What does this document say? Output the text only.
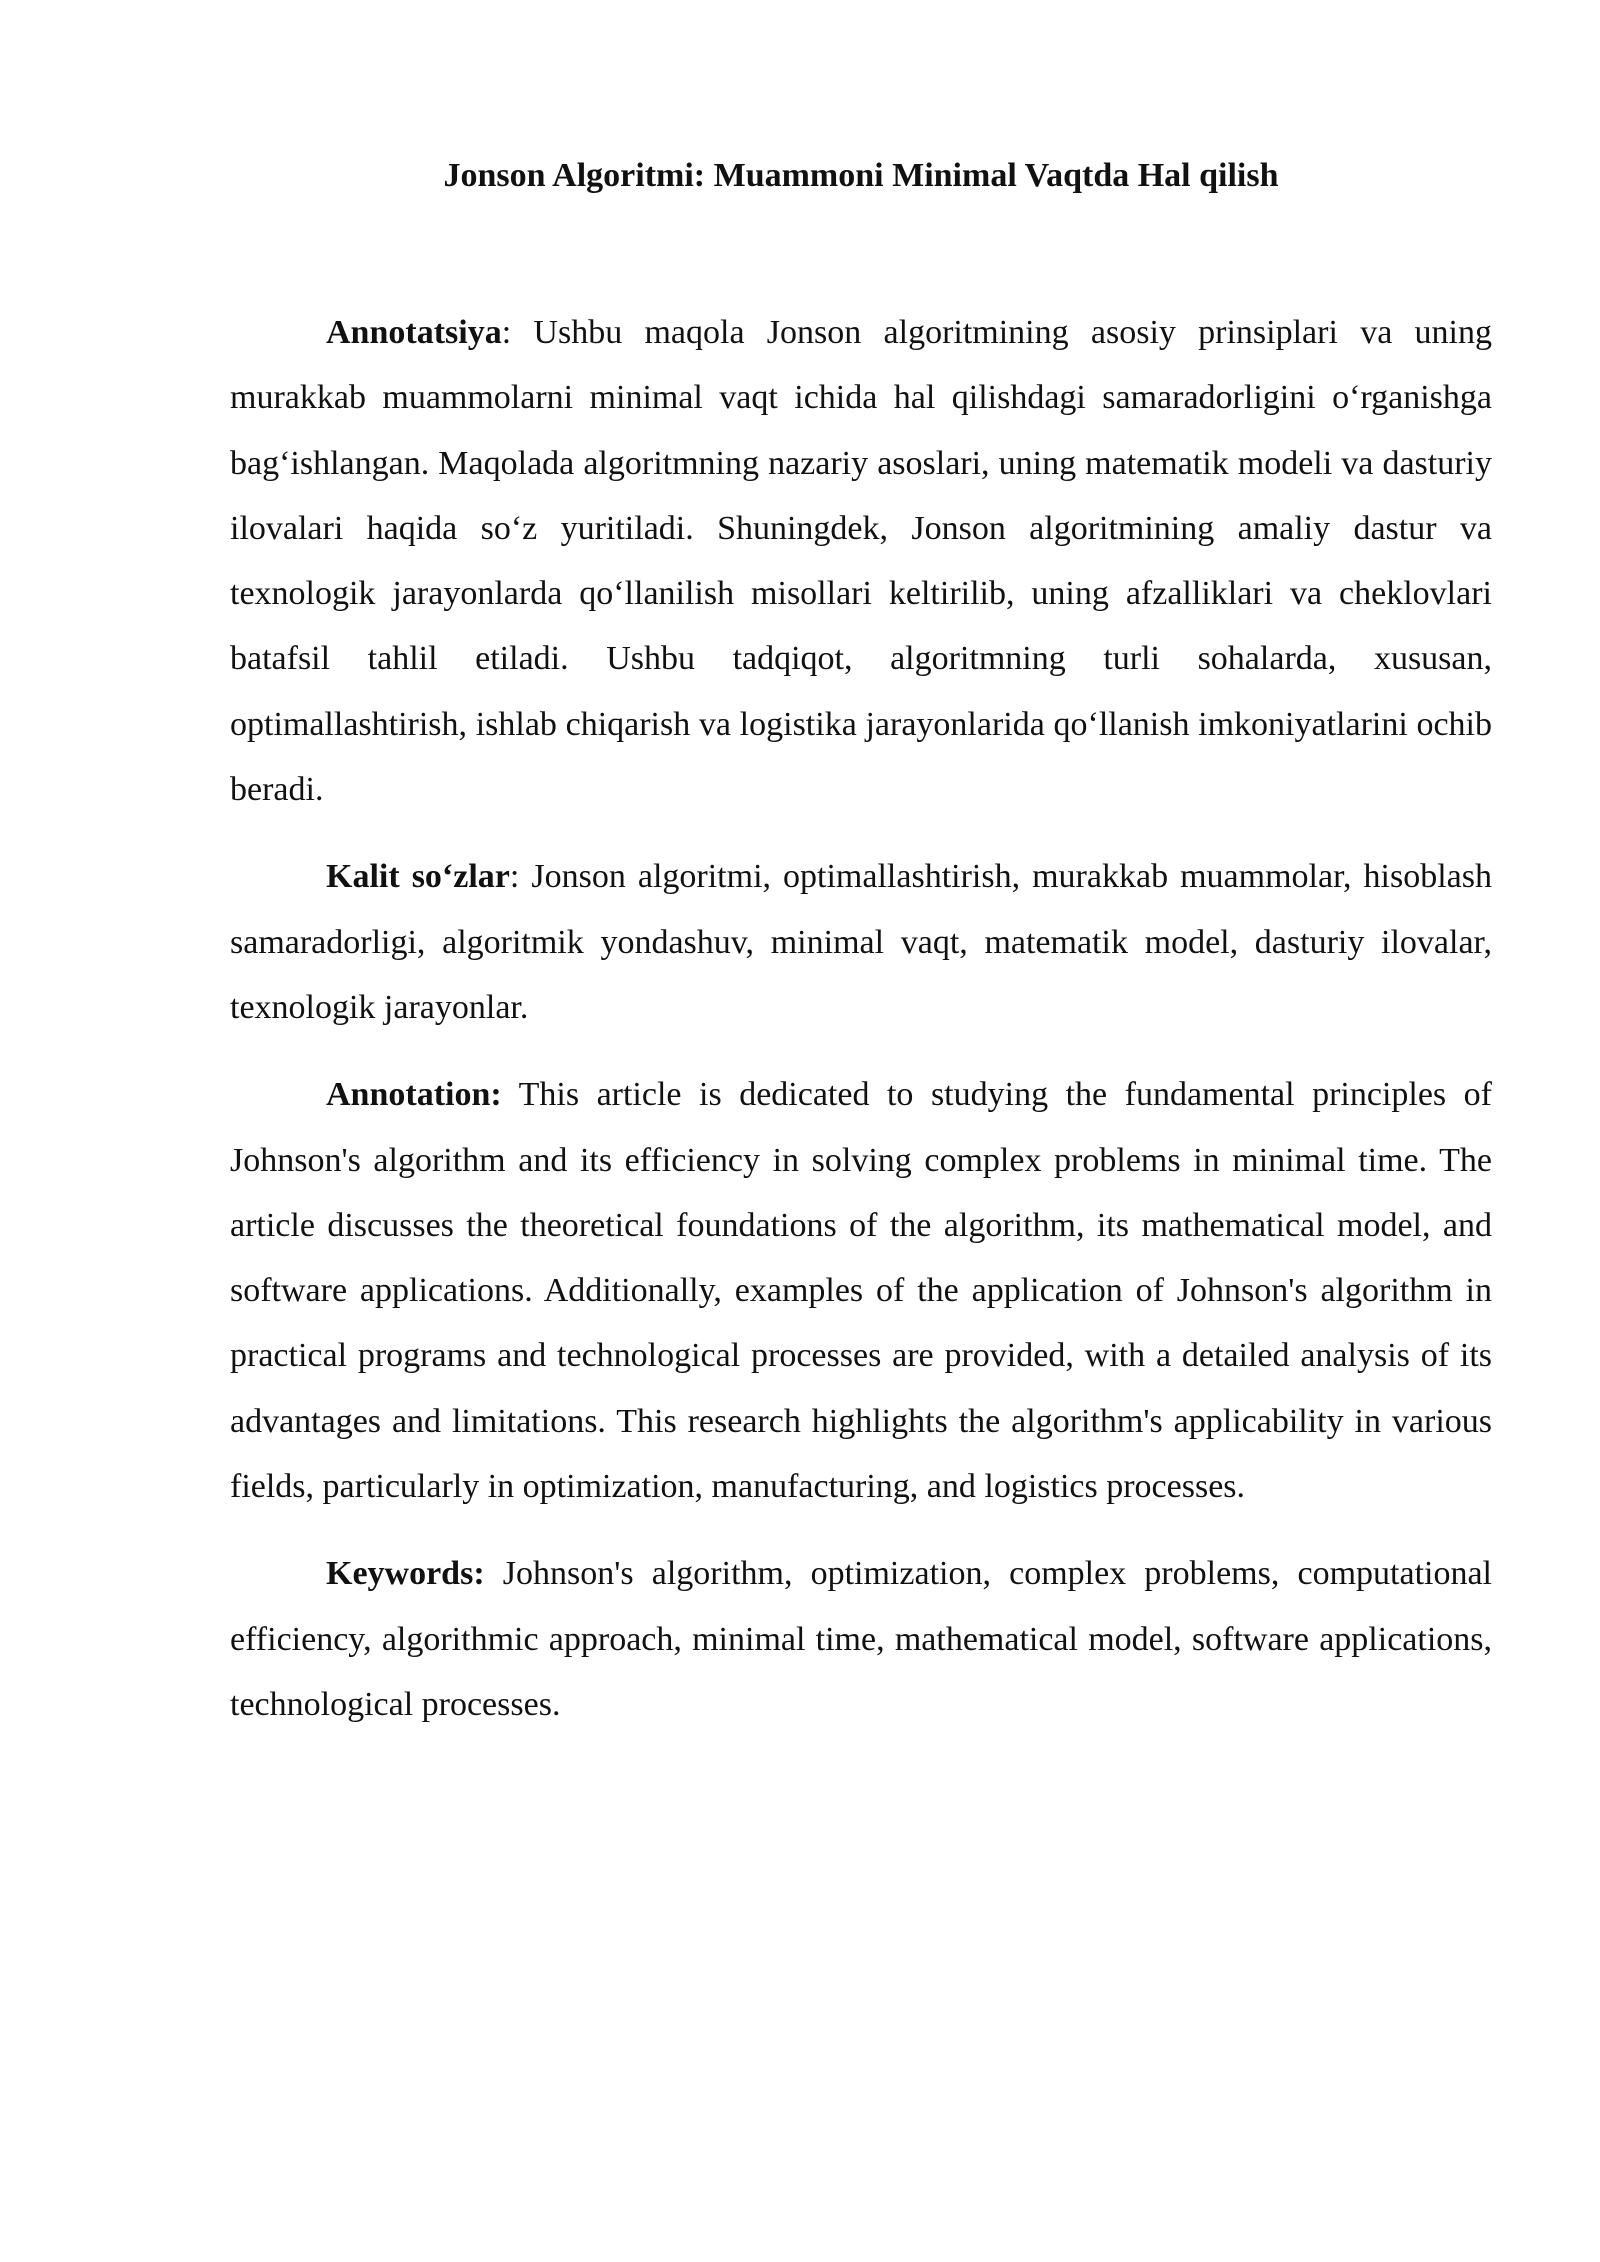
Jonson Algoritmi: Muammoni Minimal Vaqtda Hal qilish

Annotatsiya: Ushbu maqola Jonson algoritmining asosiy prinsiplari va uning murakkab muammolarni minimal vaqt ichida hal qilishdagi samaradorligini o‘rganishga bag‘ishlangan. Maqolada algoritmning nazariy asoslari, uning matematik modeli va dasturiy ilovalari haqida so‘z yuritiladi. Shuningdek, Jonson algoritmining amaliy dastur va texnologik jarayonlarda qo‘llanilish misollari keltirilib, uning afzalliklari va cheklovlari batafsil tahlil etiladi. Ushbu tadqiqot, algoritmning turli sohalarda, xususan, optimallashtirish, ishlab chiqarish va logistika jarayonlarida qo‘llanish imkoniyatlarini ochib beradi.

Kalit so‘zlar: Jonson algoritmi, optimallashtirish, murakkab muammolar, hisoblash samaradorligi, algoritmik yondashuv, minimal vaqt, matematik model, dasturiy ilovalar, texnologik jarayonlar.

Annotation: This article is dedicated to studying the fundamental principles of Johnson's algorithm and its efficiency in solving complex problems in minimal time. The article discusses the theoretical foundations of the algorithm, its mathematical model, and software applications. Additionally, examples of the application of Johnson's algorithm in practical programs and technological processes are provided, with a detailed analysis of its advantages and limitations. This research highlights the algorithm's applicability in various fields, particularly in optimization, manufacturing, and logistics processes.

Keywords: Johnson's algorithm, optimization, complex problems, computational efficiency, algorithmic approach, minimal time, mathematical model, software applications, technological processes.
